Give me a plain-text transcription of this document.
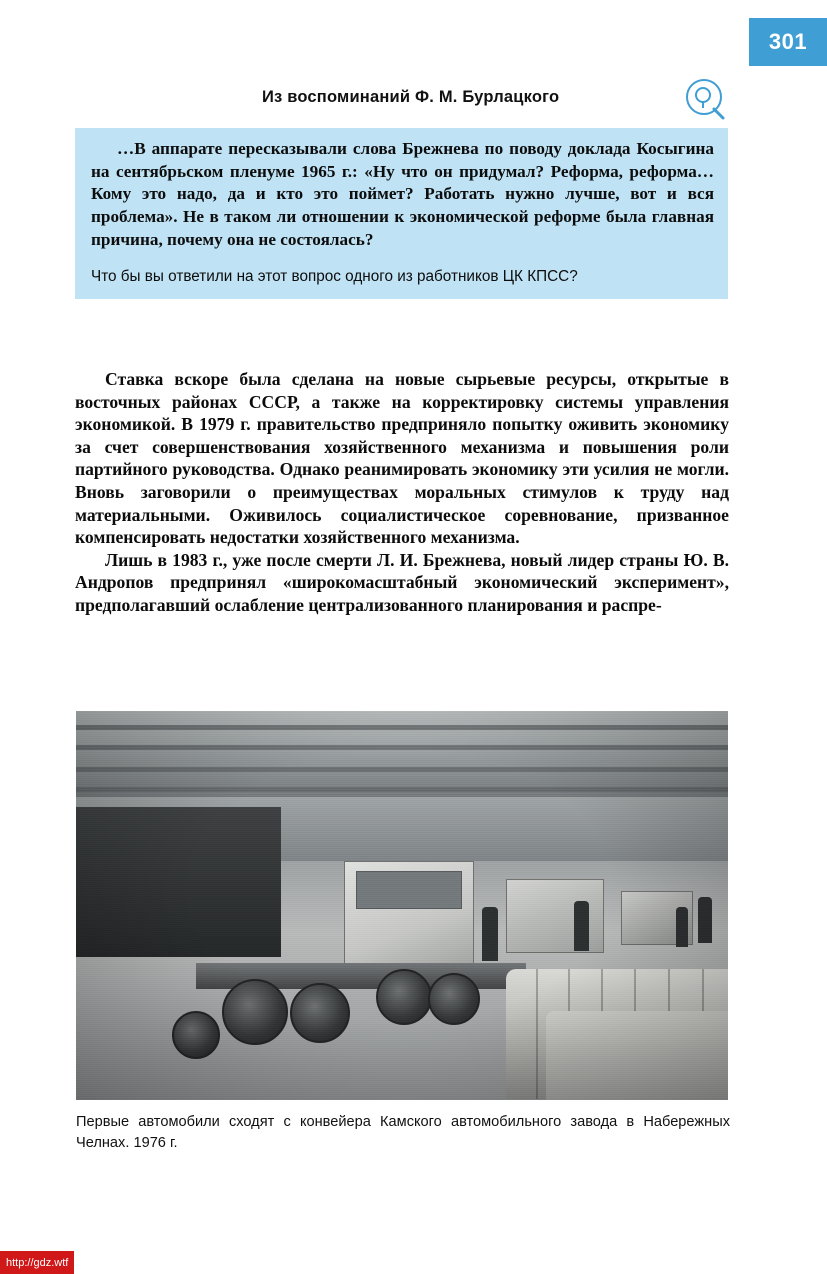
301
Из воспоминаний Ф. М. Бурлацкого

…В аппарате пересказывали слова Брежнева по поводу доклада Косыгина на сентябрьском пленуме 1965 г.: «Ну что он придумал? Реформа, реформа… Кому это надо, да и кто это поймет? Работать нужно лучше, вот и вся проблема». Не в таком ли отношении к экономической реформе была главная причина, почему она не состоялась?

Что бы вы ответили на этот вопрос одного из работников ЦК КПСС?

Ставка вскоре была сделана на новые сырьевые ресурсы, открытые в восточных районах СССР, а также на корректировку системы управления экономикой. В 1979 г. правительство предприняло попытку оживить экономику за счет совершенствования хозяйственного механизма и повышения роли партийного руководства. Однако реанимировать экономику эти усилия не могли. Вновь заговорили о преимуществах моральных стимулов к труду над материальными. Оживилось социалистическое соревнование, призванное компенсировать недостатки хозяйственного механизма.

Лишь в 1983 г., уже после смерти Л. И. Брежнева, новый лидер страны Ю. В. Андропов предпринял «широкомасштабный экономический эксперимент», предполагавший ослабление централизованного планирования и распре-

Первые автомобили сходят с конвейера Камского автомобильного завода в Набережных Челнах. 1976 г.
http://gdz.wtf
